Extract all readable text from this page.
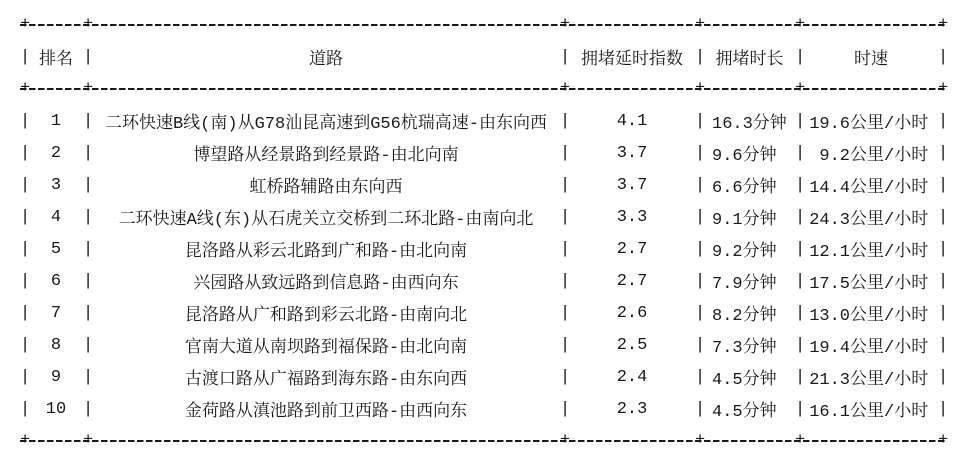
+
+
+
+
+
+
|
排名 |	道路 |	拥堵延时指数 |	拥堵时长 |	时速
|
+
+
+
+
+
+
|
1 |	二环快速B线(南)从G78汕昆高速到G56杭瑞高速-由东向西 |	4.1 |	16.3分钟 |	19.6公里/小时
|
|
2 |	博望路从经景路到经景路-由北向南 |	3.7 |	9.6分钟 |	9.2公里/小时
|
|
3 |	虹桥路辅路由东向西 |	3.7 |	6.6分钟 |	14.4公里/小时
|
|
4 |	二环快速A线(东)从石虎关立交桥到二环北路-由南向北 |	3.3 |	9.1分钟 |	24.3公里/小时
|
|
5 |	昆洛路从彩云北路到广和路-由北向南 |	2.7 |	9.2分钟 |	12.1公里/小时
|
|
6 |	兴园路从致远路到信息路-由西向东 |	2.7 |	7.9分钟 |	17.5公里/小时
|
|
7 |	昆洛路从广和路到彩云北路-由南向北 |	2.6 |	8.2分钟 |	13.0公里/小时
|
|
8 |	官南大道从南坝路到福保路-由北向南 |	2.5 |	7.3分钟 |	19.4公里/小时
|
|
9 |	古渡口路从广福路到海东路-由东向西 |	2.4 |	4.5分钟 |	21.3公里/小时
|
|
10 |	金荷路从滇池路到前卫西路-由西向东 |	2.3 |	4.5分钟 |	16.1公里/小时
|
+
+
+
+
+
+
